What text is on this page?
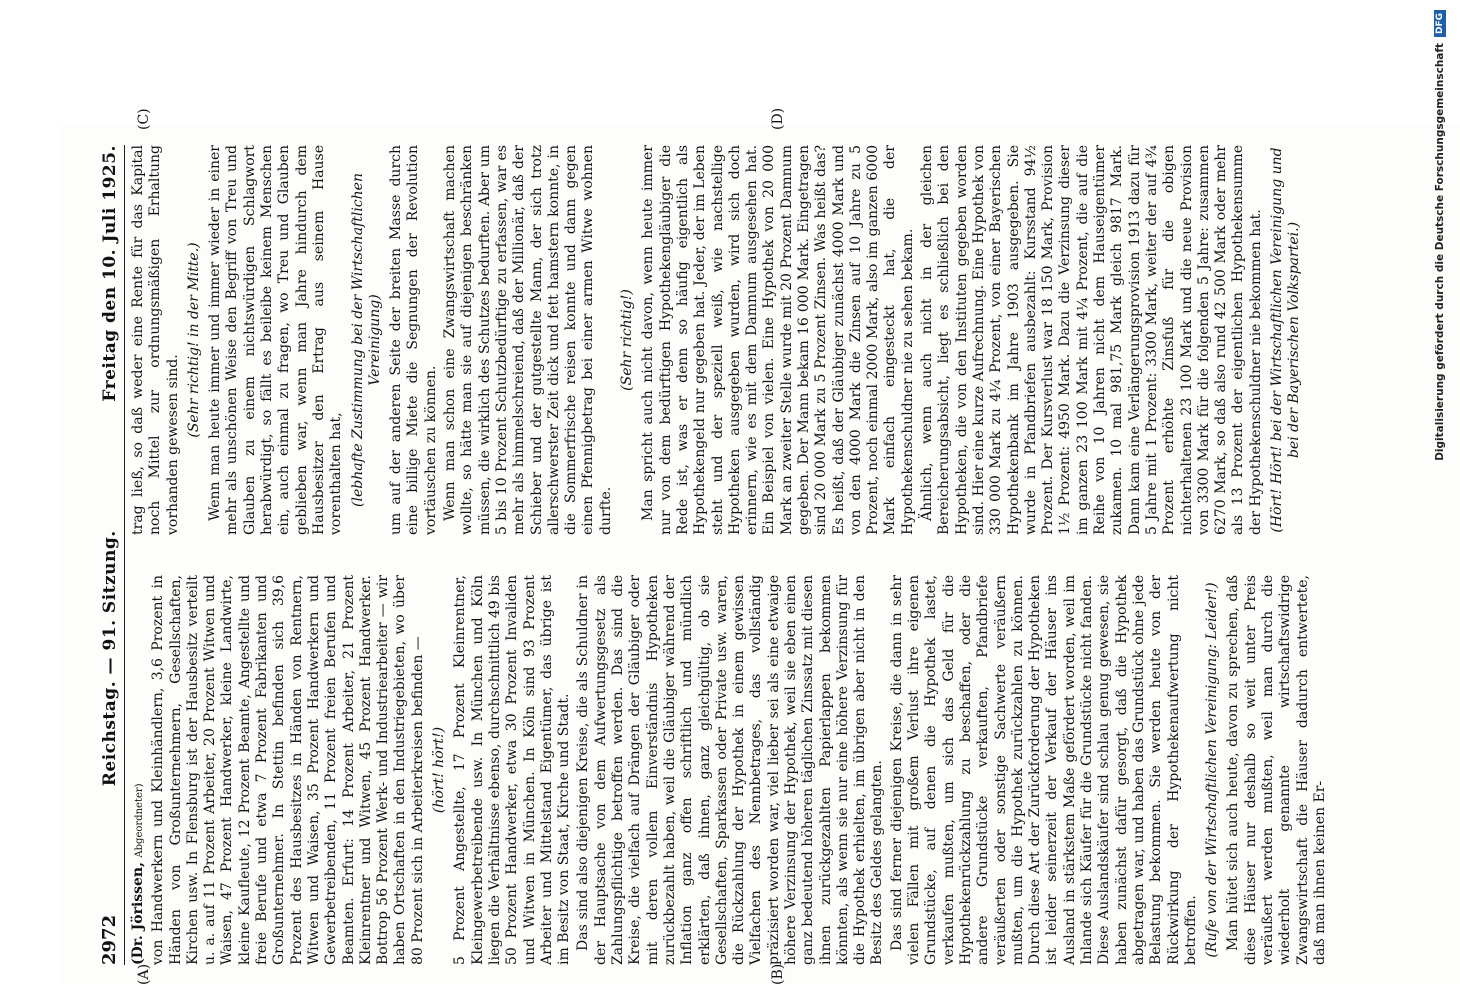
2972
Reichstag. — 91. Sitzung.
Freitag den 10. Juli 1925.
(A)	(B)
(C)	(D)

(Dr. Jörissen, Abgeordneter) von Handwerkern und Kleinhändlern, 3,6 Prozent in Händen von Großunternehmern, Gesellschaften, Kirchen usw. In Flensburg ist der Hausbesitz verteilt u. a. auf 11 Prozent Arbeiter, 20 Prozent Witwen und Waisen, 47 Prozent Handwerker, kleine Landwirte, kleine Kaufleute, 12 Prozent Beamte, Angestellte und freie Berufe und etwa 7 Prozent Fabrikanten und Großunternehmer. In Stettin befinden sich 39,6 Prozent des Hausbesitzes in Händen von Rentnern, Witwen und Waisen, 35 Prozent Handwerkern und Gewerbetreibenden, 11 Prozent freien Berufen und Beamten. Erfurt: 14 Prozent Arbeiter, 21 Prozent Kleinrentner und Witwen, 45 Prozent Handwerker. Bottrop 56 Prozent Werk- und Industriearbeiter — wir haben Ortschaften in den Industriegebieten, wo über 80 Prozent sich in Arbeiterkreisen befinden — (hört! hört!) 5 Prozent Angestellte, 17 Prozent Kleinrentner, Kleingewerbetreibende usw. In München und Köln liegen die Verhältnisse ebenso, durchschnittlich 49 bis 50 Prozent Handwerker, etwa 30 Prozent Invaliden und Witwen in München. In Köln sind 93 Prozent Arbeiter und Mittelstand Eigentümer, das übrige ist im Besitz von Staat, Kirche und Stadt. Das sind also diejenigen Kreise, die als Schuldner in der Hauptsache von dem Aufwertungsgesetz als Zahlungspflichtige betroffen werden. Das sind die Kreise, die vielfach auf Drängen der Gläubiger oder mit deren vollem Einverständnis Hypotheken zurückbezahlt haben, weil die Gläubiger während der Inflation ganz offen schriftlich und mündlich erklärten, daß ihnen, ganz gleichgültig, ob sie Gesellschaften, Sparkassen oder Private usw. waren, die Rückzahlung der Hypothek in einem gewissen Vielfachen des Nennbetrages, das vollständig präzisiert worden war, viel lieber sei als eine etwaige höhere Verzinsung der Hypothek, weil sie eben einen ganz bedeutend höheren täglichen Zinssatz mit diesen ihnen zurückgezahlten Papierlappen bekommen könnten, als wenn sie nur eine höhere Verzinsung für die Hypothek erhielten, im übrigen aber nicht in den Besitz des Geldes gelangten. Das sind ferner diejenigen Kreise, die dann in sehr vielen Fällen mit großem Verlust ihre eigenen Grundstücke, auf denen die Hypothek lastet, verkaufen mußten, um sich das Geld für die Hypothekenrückzahlung zu beschaffen, oder die andere Grundstücke verkauften, Pfandbriefe veräußerten oder sonstige Sachwerte veräußern mußten, um die Hypothek zurückzahlen zu können. Durch diese Art der Zurückforderung der Hypotheken ist leider seinerzeit der Verkauf der Häuser ins Ausland in stärkstem Maße gefördert worden, weil im Inlande sich Käufer für die Grundstücke nicht fanden. Diese Auslandskäufer sind schlau genug gewesen, sie haben zunächst dafür gesorgt, daß die Hypothek abgetragen war, und haben das Grundstück ohne jede Belastung bekommen. Sie werden heute von der Rückwirkung der Hypothekenaufwertung nicht betroffen. (Rufe von der Wirtschaftlichen Vereinigung: Leider!) Man hütet sich auch heute, davon zu sprechen, daß diese Häuser nur deshalb so weit unter Preis veräußert werden mußten, weil man durch die wiederholt genannte wirtschaftswidrige Zwangswirtschaft die Häuser dadurch entwertete, daß man ihnen keinen Er-

trag ließ, so daß weder eine Rente für das Kapital noch Mittel zur ordnungsmäßigen Erhaltung vorhanden gewesen sind.

(Sehr richtig! in der Mitte.) Wenn man heute immer und immer wieder in einer mehr als unschönen Weise den Begriff von Treu und Glauben zu einem nichtswürdigen Schlagwort herabwürdigt, so fällt es beileibe keinem Menschen ein, auch einmal zu fragen, wo Treu und Glauben geblieben war, wenn man Jahre hindurch dem Hausbesitzer den Ertrag aus seinem Hause vorenthalten hat, (lebhafte Zustimmung bei der Wirtschaftlichen Vereinigung) um auf der anderen Seite der breiten Masse durch eine billige Miete die Segnungen der Revolution vortäuschen zu können. Wenn man schon eine Zwangswirtschaft machen wollte, so hätte man sie auf diejenigen beschränken müssen, die wirklich des Schutzes bedurften. Aber um 5 bis 10 Prozent Schutzbedürftige zu erfassen, war es mehr als himmelschreiend, daß der Millionär, daß der Schieber und der gutgestellte Mann, der sich trotz allerschwerster Zeit dick und fett hamstern konnte, in die Sommerfrische reisen konnte und dann gegen einen Pfennigbetrag bei einer armen Witwe wohnen durfte.

(Sehr richtig!) Man spricht auch nicht davon, wenn heute immer nur von dem bedürftigen Hypothekengläubiger die Rede ist, was er denn so häufig eigentlich als Hypothekengeld nur gegeben hat. Jeder, der im Leben steht und der speziell weiß, wie nachstellige Hypotheken ausgegeben wurden, wird sich doch erinnern, wie es mit dem Damnum ausgesehen hat. Ein Beispiel von vielen. Eine Hypothek von 20 000 Mark an zweiter Stelle wurde mit 20 Prozent Damnum gegeben. Der Mann bekam 16 000 Mark. Eingetragen sind 20 000 Mark zu 5 Prozent Zinsen. Was heißt das? Es heißt, daß der Gläubiger zunächst 4000 Mark und von den 4000 Mark die Zinsen auf 10 Jahre zu 5 Prozent, noch einmal 2000 Mark, also im ganzen 6000 Mark einfach eingesteckt hat, die der Hypothekenschuldner nie zu sehen bekam. Ähnlich, wenn auch nicht in der gleichen Bereicherungsabsicht, liegt es schließlich bei den Hypotheken, die von den Instituten gegeben worden sind. Hier eine kurze Aufrechnung. Eine Hypothek von 330 000 Mark zu 4¼ Prozent, von einer Bayerischen Hypothekenbank im Jahre 1903 ausgegeben. Sie wurde in Pfandbriefen ausbezahlt: Kursstand 94½ Prozent. Der Kursverlust war 18 150 Mark, Provision 1½ Prozent: 4950 Mark. Dazu die Verzinsung dieser im ganzen 23 100 Mark mit 4¼ Prozent, die auf die Reihe von 10 Jahren nicht dem Hauseigentümer zukamen. 10 mal 981,75 Mark gleich 9817 Mark. Dann kam eine Verlängerungsprovision 1913 dazu für 5 Jahre mit 1 Prozent: 3300 Mark, weiter der auf 4¾ Prozent erhöhte Zinsfuß für die obigen nichterhaltenen 23 100 Mark und die neue Provision von 3300 Mark für die folgenden 5 Jahre: zusammen 6270 Mark, so daß also rund 42 500 Mark oder mehr als 13 Prozent der eigentlichen Hypothekensumme der Hypothekenschuldner nie bekommen hat. (Hört! Hört! bei der Wirtschaftlichen Vereinigung und bei der Bayerischen Volkspartei.)	Digitalisierung gefördert durch die Deutsche Forschungsgemeinschaft
DFG
